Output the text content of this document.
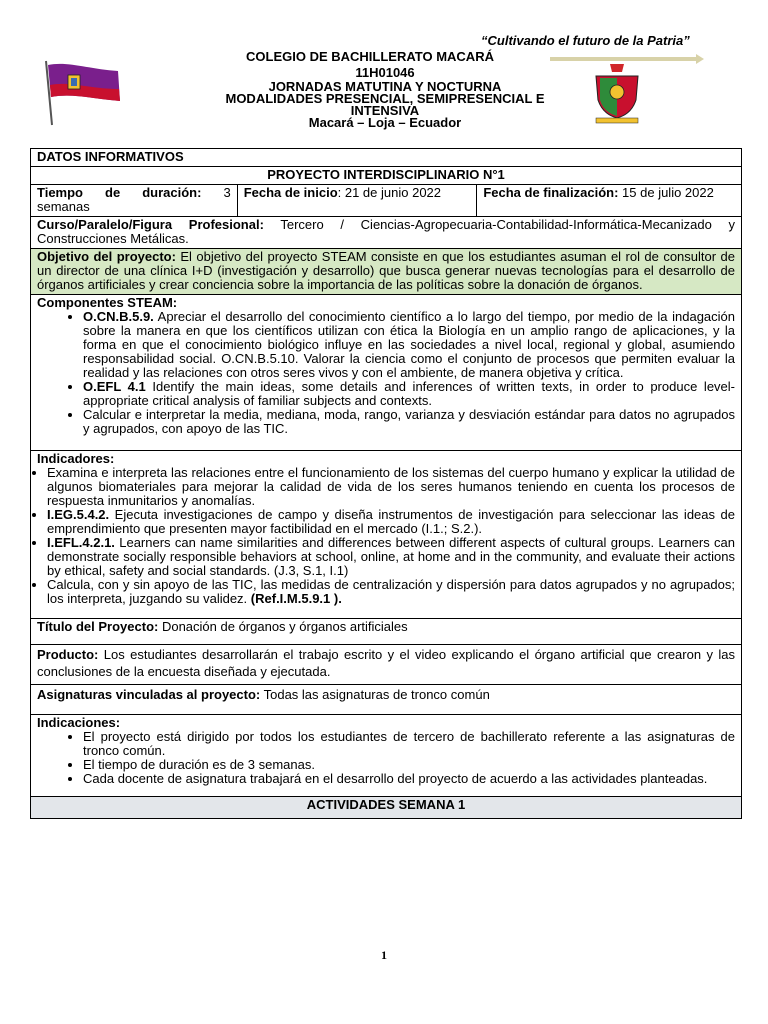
“Cultivando el futuro de la Patria”
COLEGIO DE BACHILLERATO MACARÁ
11H01046
JORNADAS MATUTINA Y NOCTURNA
MODALIDADES PRESENCIAL, SEMIPRESENCIAL E
INTENSIVA
Macará – Loja – Ecuador
DATOS INFORMATIVOS
PROYECTO INTERDISCIPLINARIO N°1
Tiempo de duración: 3 semanas	Fecha de inicio: 21 de junio 2022	Fecha de finalización: 15 de julio 2022
Curso/Paralelo/Figura Profesional: Tercero / Ciencias-Agropecuaria-Contabilidad-Informática-Mecanizado y Construcciones Metálicas.
Objetivo del proyecto: El objetivo del proyecto STEAM consiste en que los estudiantes asuman el rol de consultor de un director de una clínica I+D (investigación y desarrollo) que busca generar nuevas tecnologías para el desarrollo de órganos artificiales y crear conciencia sobre la importancia de las políticas sobre la donación de órganos.
Componentes STEAM:
• O.CN.B.5.9. Apreciar el desarrollo del conocimiento científico a lo largo del tiempo, por medio de la indagación sobre la manera en que los científicos utilizan con ética la Biología en un amplio rango de aplicaciones, y la forma en que el conocimiento biológico influye en las sociedades a nivel local, regional y global, asumiendo responsabilidad social. O.CN.B.5.10. Valorar la ciencia como el conjunto de procesos que permiten evaluar la realidad y las relaciones con otros seres vivos y con el ambiente, de manera objetiva y crítica.
• O.EFL 4.1 Identify the main ideas, some details and inferences of written texts, in order to produce level-appropriate critical analysis of familiar subjects and contexts.
• Calcular e interpretar la media, mediana, moda, rango, varianza y desviación estándar para datos no agrupados y agrupados, con apoyo de las TIC.

Indicadores:
• Examina e interpreta las relaciones entre el funcionamiento de los sistemas del cuerpo humano y explicar la utilidad de algunos biomateriales para mejorar la calidad de vida de los seres humanos teniendo en cuenta los procesos de respuesta inmunitarios y anomalías.
• I.EG.5.4.2. Ejecuta investigaciones de campo y diseña instrumentos de investigación para seleccionar las ideas de emprendimiento que presenten mayor factibilidad en el mercado (I.1.; S.2.).
• I.EFL.4.2.1. Learners can name similarities and differences between different aspects of cultural groups. Learners can demonstrate socially responsible behaviors at school, online, at home and in the community, and evaluate their actions by ethical, safety and social standards. (J.3, S.1, I.1)
• Calcula, con y sin apoyo de las TIC, las medidas de centralización y dispersión para datos agrupados y no agrupados; los interpreta, juzgando su validez. (Ref.I.M.5.9.1 ).

Título del Proyecto: Donación de órganos y órganos artificiales
Producto: Los estudiantes desarrollarán el trabajo escrito y el video explicando el órgano artificial que crearon y las conclusiones de la encuesta diseñada y ejecutada.
Asignaturas vinculadas al proyecto: Todas las asignaturas de tronco común
Indicaciones:
• El proyecto está dirigido por todos los estudiantes de tercero de bachillerato referente a las asignaturas de tronco común.
• El tiempo de duración es de 3 semanas.
• Cada docente de asignatura trabajará en el desarrollo del proyecto de acuerdo a las actividades planteadas.

ACTIVIDADES SEMANA 1
1
